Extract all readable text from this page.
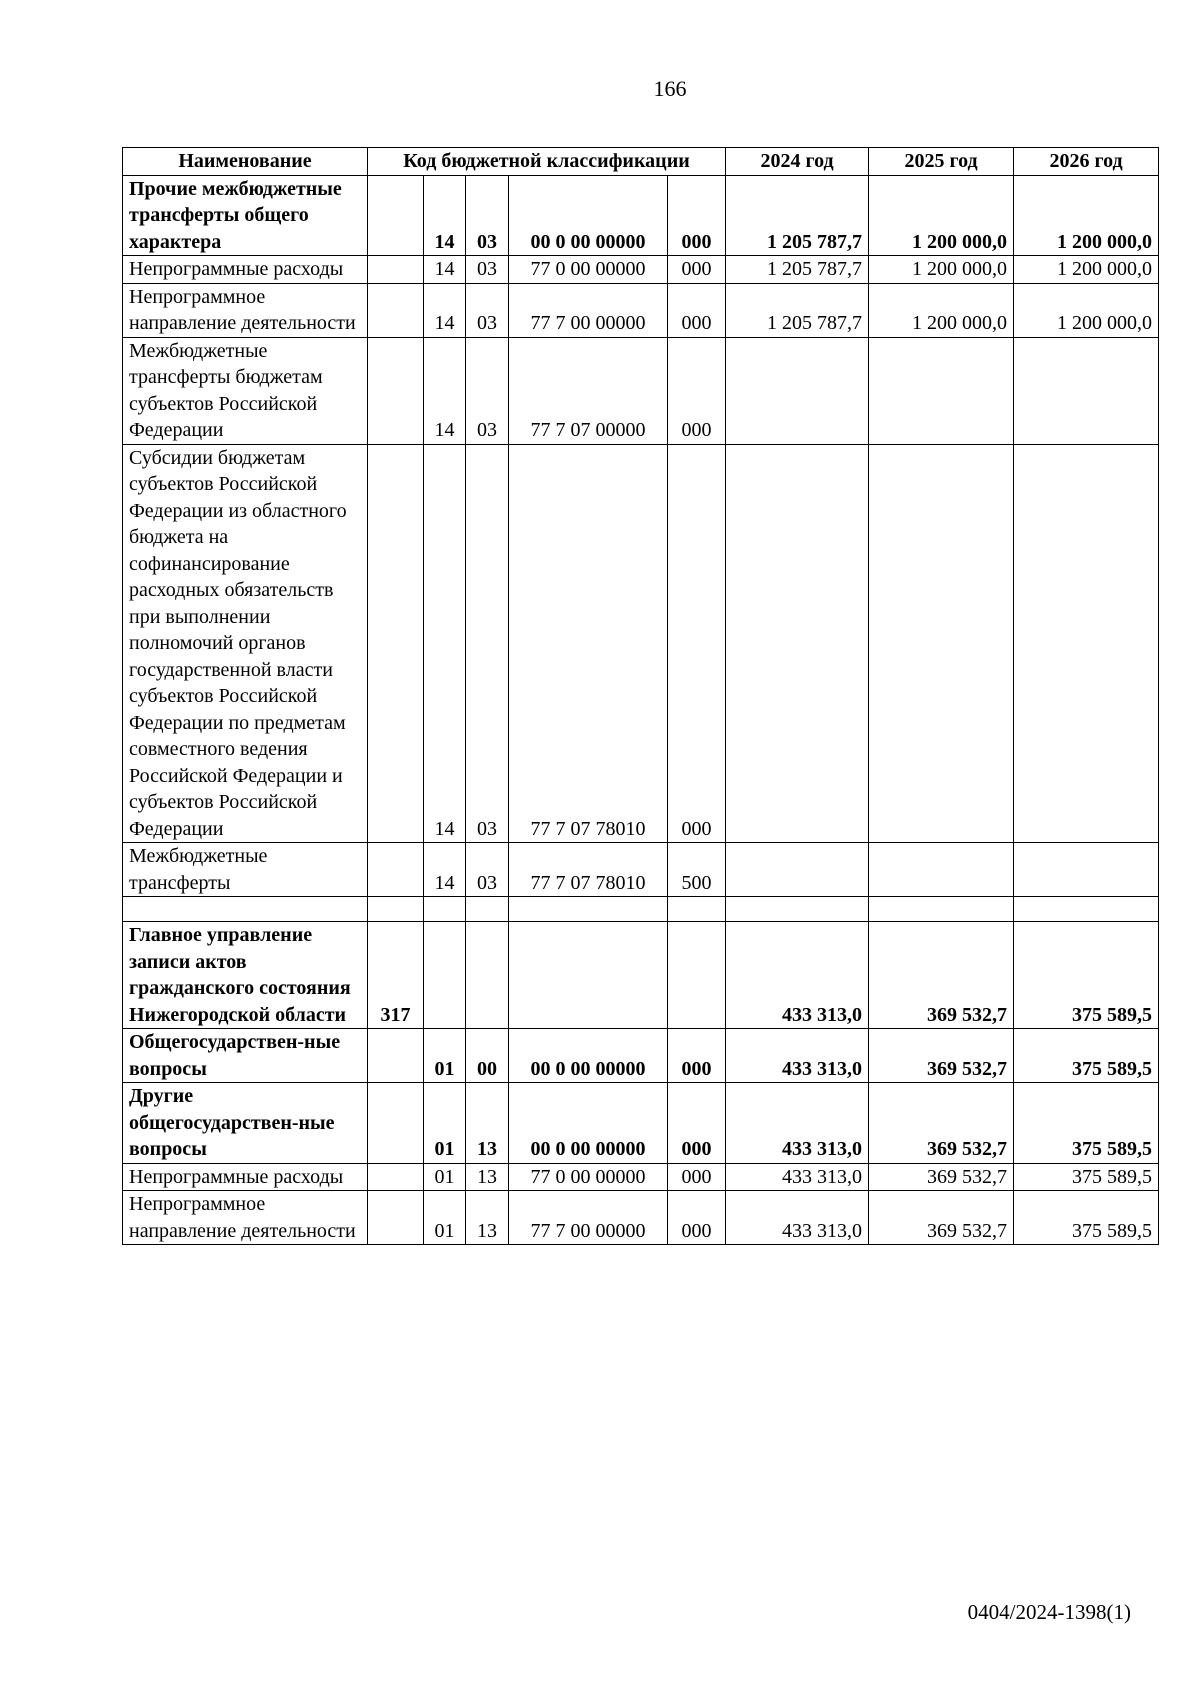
166
Наименование	Код бюджетной классификации					2024 год	2025 год	2026 год
Прочие межбюджетные трансферты общего характера		14	03	00 0 00 00000	000	1 205 787,7	1 200 000,0	1 200 000,0
Непрограммные расходы		14	03	77 0 00 00000	000	1 205 787,7	1 200 000,0	1 200 000,0
Непрограммное направление деятельности		14	03	77 7 00 00000	000	1 205 787,7	1 200 000,0	1 200 000,0
Межбюджетные трансферты бюджетам субъектов Российской Федерации		14	03	77 7 07 00000	000			
Субсидии бюджетам субъектов Российской Федерации из областного бюджета на софинансирование расходных обязательств при выполнении полномочий органов государственной власти субъектов Российской Федерации по предметам совместного ведения Российской Федерации и субъектов Российской Федерации		14	03	77 7 07 78010	000			
Межбюджетные трансферты		14	03	77 7 07 78010	500			

Главное управление записи актов гражданского состояния Нижегородской области	317					433 313,0	369 532,7	375 589,5
Общегосударствен-ные вопросы		01	00	00 0 00 00000	000	433 313,0	369 532,7	375 589,5
Другие общегосударствен-ные вопросы		01	13	00 0 00 00000	000	433 313,0	369 532,7	375 589,5
Непрограммные расходы		01	13	77 0 00 00000	000	433 313,0	369 532,7	375 589,5
Непрограммное направление деятельности		01	13	77 7 00 00000	000	433 313,0	369 532,7	375 589,5
0404/2024-1398(1)
